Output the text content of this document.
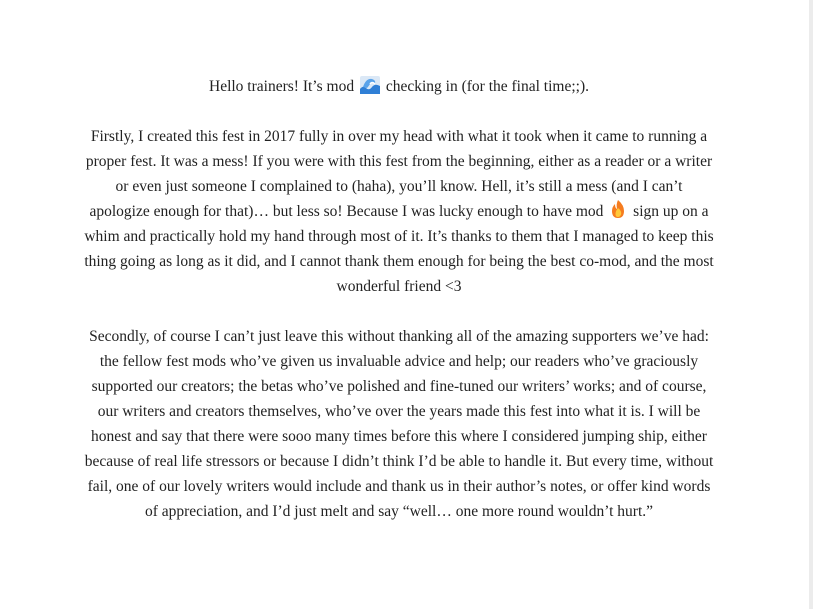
Hello trainers! It’s mod
checking in (for the final time;;).

Firstly, I created this fest in 2017 fully in over my head with what it took when it came to running a proper fest. It was a mess! If you were with this fest from the beginning, either as a reader or a writer or even just someone I complained to (haha), you’ll know. Hell, it’s still a mess (and I can’t apologize enough for that)… but less so! Because I was lucky enough to have mod
sign up on a whim and practically hold my hand through most of it. It’s thanks to them that I managed to keep this thing going as long as it did, and I cannot thank them enough for being the best co-mod, and the most wonderful friend <3

Secondly, of course I can’t just leave this without thanking all of the amazing supporters we’ve had: the fellow fest mods who’ve given us invaluable advice and help; our readers who’ve graciously supported our creators; the betas who’ve polished and fine-tuned our writers’ works; and of course, our writers and creators themselves, who’ve over the years made this fest into what it is. I will be honest and say that there were sooo many times before this where I considered jumping ship, either because of real life stressors or because I didn’t think I’d be able to handle it. But every time, without fail, one of our lovely writers would include and thank us in their author’s notes, or offer kind words of appreciation, and I’d just melt and say “well… one more round wouldn’t hurt.”
